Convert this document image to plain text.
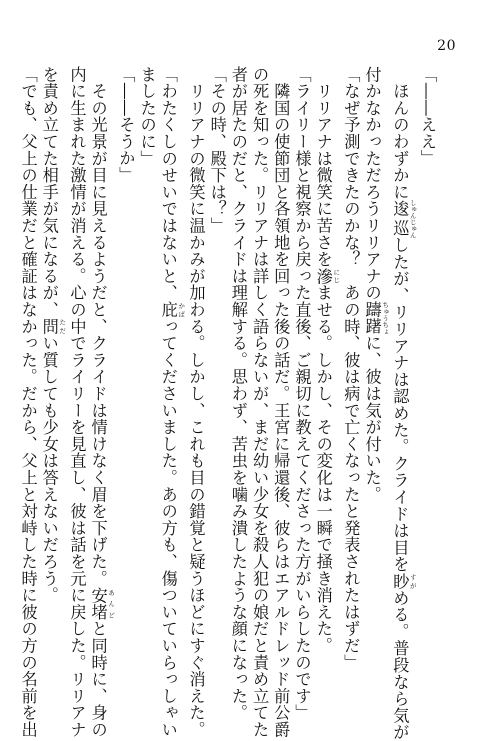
20
「――ええ」
　ほんのわずかに逡巡 しゅんじゅんしたが、リリアナは認めた。クライドは目を眇 すがめる。普段なら気が
付かなかっただろうリリアナの躊躇 ちゅうちょに、彼は気が付いた。
「なぜ予測できたのかな？　あの時、彼は病で亡くなったと発表されたはずだ」
　リリアナは微笑に苦さを滲 にじませる。しかし、その変化は一瞬で掻き消えた。
「ライリー様と視察から戻った直後、ご親切に教えてくださった方がいらしたのです」
　隣国の使節団と各領地を回った後の話だ。王宮に帰還後、彼らはエアルドレッド前公爵
の死を知った。リリアナは詳しく語らないが、まだ幼い少女を殺人犯の娘だと責め立てた
者が居たのだと、クライドは理解する。思わず、苦虫を噛み潰したような顔になった。
「その時、殿下は？」
　リリアナの微笑に温かみが加わる。しかし、これも目の錯覚と疑うほどにすぐ消えた。
「わたくしのせいではないと、庇 かばってくださいました。あの方も、傷ついていらっしゃい
ましたのに」
「――そうか」
　その光景が目に見えるようだと、クライドは情けなく眉を下げた。安堵 あんどと同時に、身の
内に生まれた激情が消える。心の中でライリーを見直し、彼は話を元に戻した。リリアナ
を責め立てた相手が気になるが、問 ただい質しても少女は答えないだろう。
「でも、父上の仕業だと確証はなかった。だから、父上と対峙した時に彼の方の名前を出
